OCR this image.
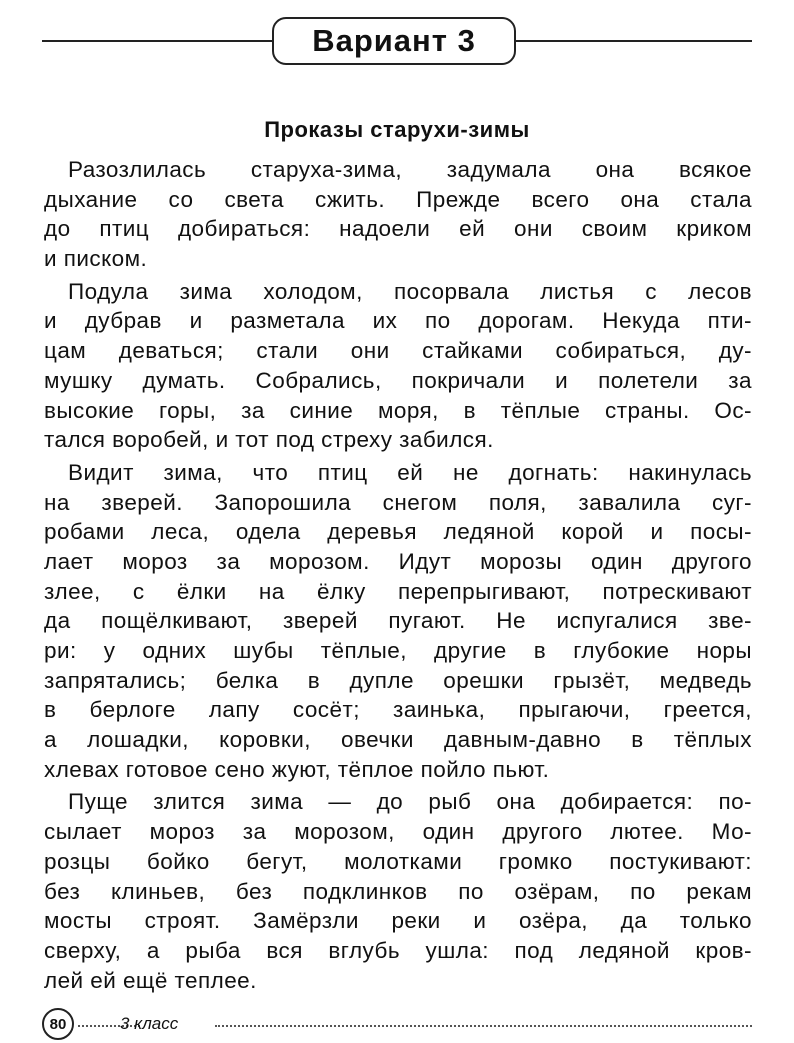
Вариант 3
Проказы старухи-зимы
Разозлилась старуха-зима, задумала она всякое
дыхание со света сжить. Прежде всего она стала
до птиц добираться: надоели ей они своим криком
и писком.
Подула зима холодом, посорвала листья с лесов
и дубрав и разметала их по дорогам. Некуда пти-
цам деваться; стали они стайками собираться, ду-
мушку думать. Собрались, покричали и полетели за
высокие горы, за синие моря, в тёплые страны. Ос-
тался воробей, и тот под стреху забился.
Видит зима, что птиц ей не догнать: накинулась
на зверей. Запорошила снегом поля, завалила суг-
робами леса, одела деревья ледяной корой и посы-
лает мороз за морозом. Идут морозы один другого
злее, с ёлки на ёлку перепрыгивают, потрескивают
да пощёлкивают, зверей пугают. Не испугалися зве-
ри: у одних шубы тёплые, другие в глубокие норы
запрятались; белка в дупле орешки грызёт, медведь
в берлоге лапу сосёт; заинька, прыгаючи, греется,
а лошадки, коровки, овечки давным-давно в тёплых
хлевах готовое сено жуют, тёплое пойло пьют.
Пуще злится зима — до рыб она добирается: по-
сылает мороз за морозом, один другого лютее. Мо-
розцы бойко бегут, молотками громко постукивают:
без клиньев, без подклинков по озёрам, по рекам
мосты строят. Замёрзли реки и озёра, да только
сверху, а рыба вся вглубь ушла: под ледяной кров-
лей ей ещё теплее.
80	3 класс
